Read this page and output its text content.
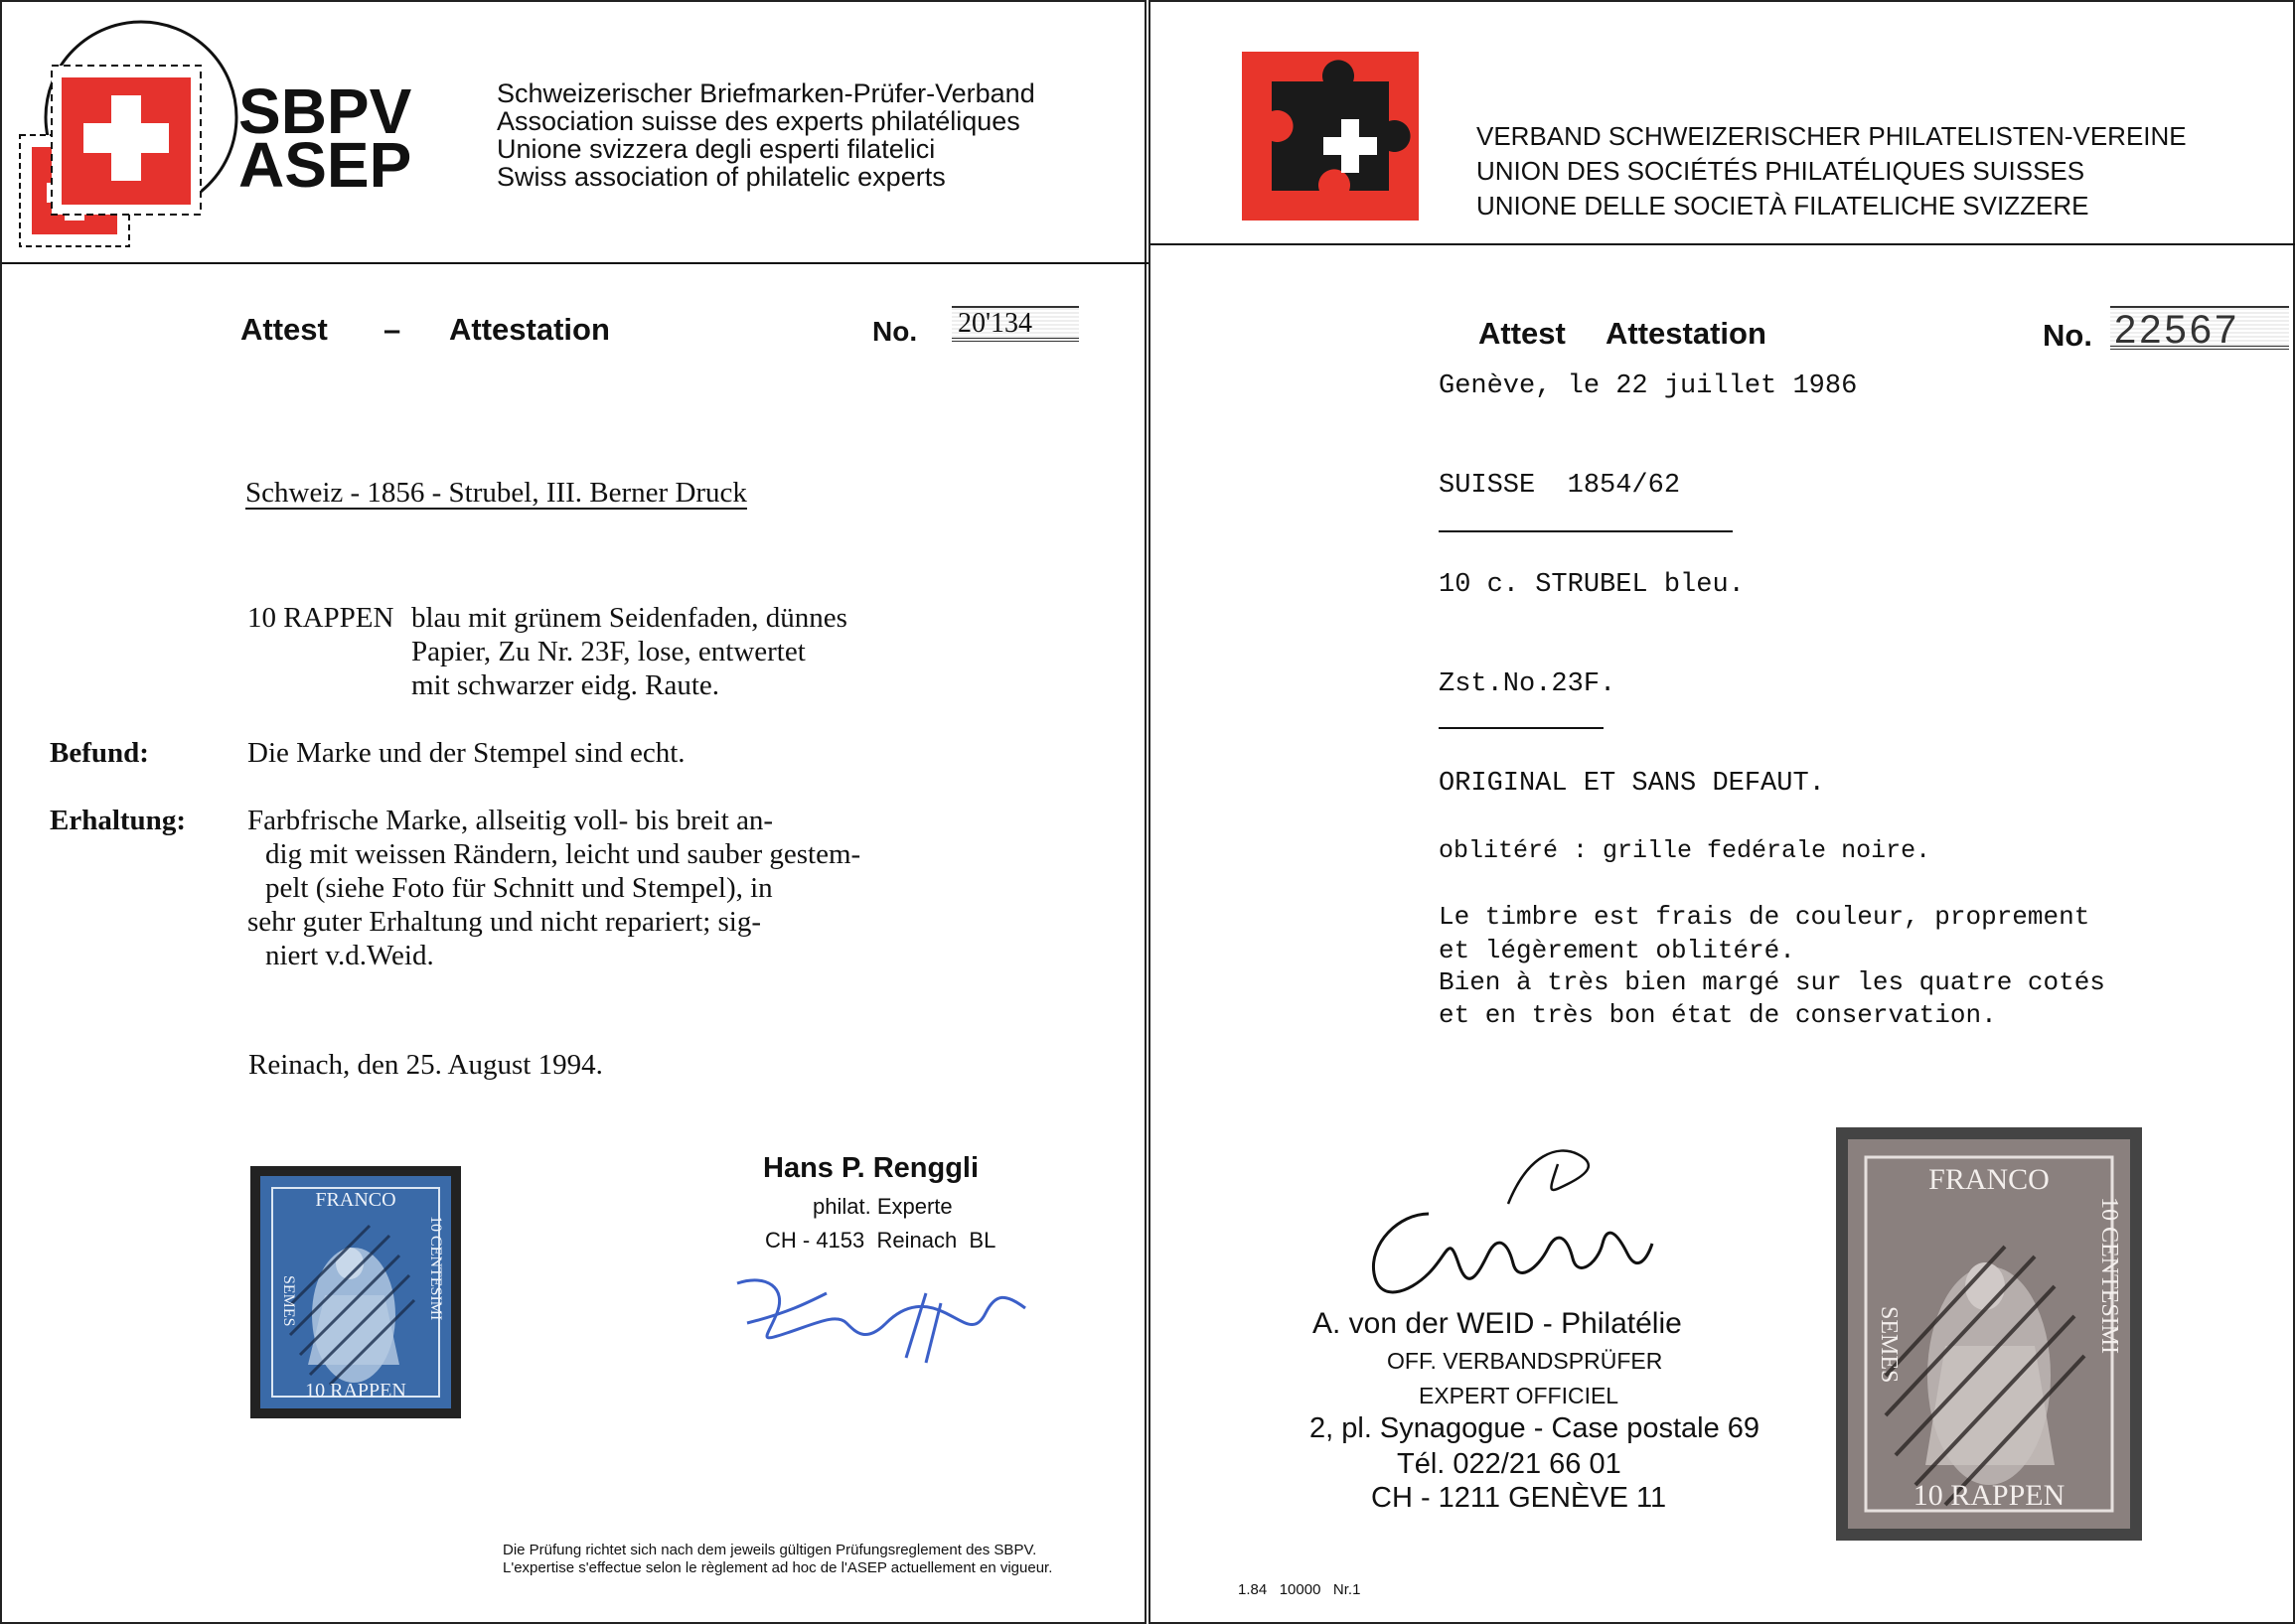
SBPV
ASEP
Schweizerischer Briefmarken-Prüfer-Verband
Association suisse des experts philatéliques
Unione svizzera degli esperti filatelici
Swiss association of philatelic experts
Attest – Attestation	No. 20'134
Schweiz - 1856 - Strubel, III. Berner Druck
10 RAPPEN blau mit grünem Seidenfaden, dünnes
Papier, Zu Nr. 23F, lose, entwertet
mit schwarzer eidg. Raute.
Befund:	Die Marke und der Stempel sind echt.
Erhaltung: Farbfrische Marke, allseitig voll- bis breit an-
dig mit weissen Rändern, leicht und sauber gestem-
pelt (siehe Foto für Schnitt und Stempel), in
sehr guter Erhaltung und nicht repariert; sig-
niert v.d.Weid.
Reinach, den 25. August 1994.
FRANCO
10 RAPPEN
SEMES	10 CENTESIMI
Hans P. Renggli
philat. Experte
CH - 4153  Reinach  BL
Die Prüfung richtet sich nach dem jeweils gültigen Prüfungsreglement des SBPV.
L'expertise s'effectue selon le règlement ad hoc de l'ASEP actuellement en vigueur.
VERBAND SCHWEIZERISCHER PHILATELISTEN-VEREINE
UNION DES SOCIÉTÉS PHILATÉLIQUES SUISSES
UNIONE DELLE SOCIETÀ FILATELICHE SVIZZERE
Attest Attestation	No. 22567
Genève, le 22 juillet 1986
SUISSE  1854/62
10 c. STRUBEL bleu.
Zst.No.23F.
ORIGINAL ET SANS DEFAUT.
oblitéré : grille fedérale noire.
Le timbre est frais de couleur, proprement
et légèrement oblitéré.
Bien à très bien margé sur les quatre cotés
et en très bon état de conservation.
A. von der WEID - Philatélie
OFF. VERBANDSPRÜFER
EXPERT OFFICIEL
2, pl. Synagogue - Case postale 69
Tél. 022/21 66 01
CH - 1211 GENÈVE 11
FRANCO
10 RAPPEN
SEMES	10 CENTESIMI
1.84   10000   Nr.1
